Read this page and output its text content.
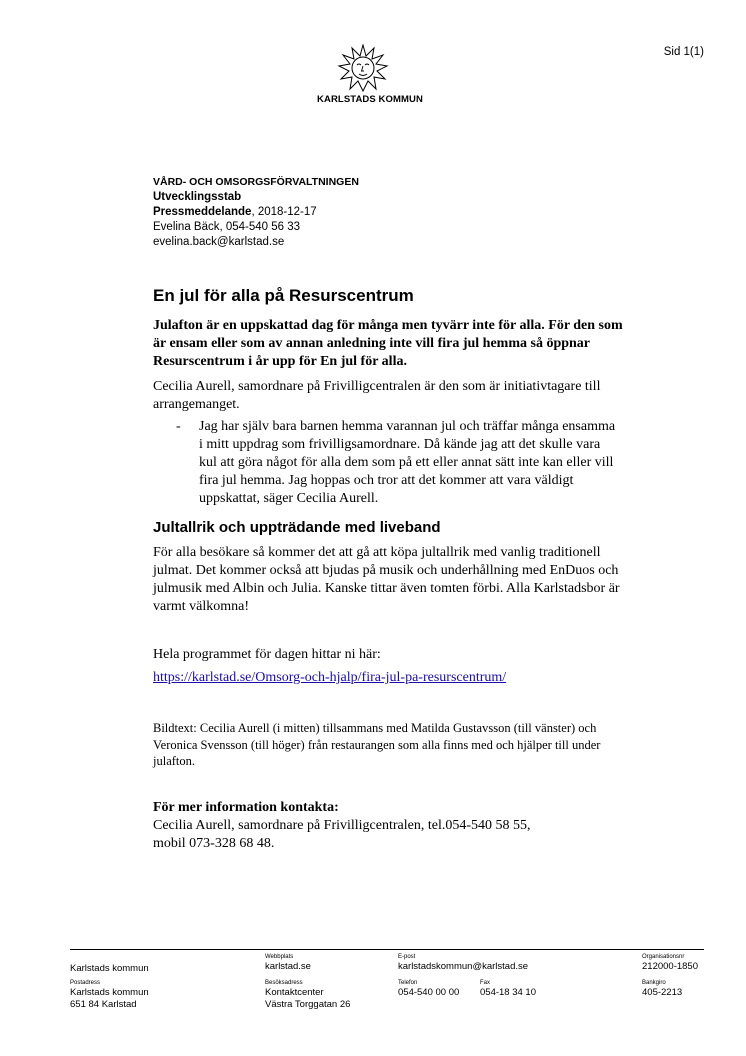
Sid 1(1)
KARLSTADS KOMMUN
VÅRD- OCH OMSORGSFÖRVALTNINGEN
Utvecklingsstab
Pressmeddelande, 2018-12-17
Evelina Bäck, 054-540 56 33
evelina.back@karlstad.se
En jul för alla på Resurscentrum
Julafton är en uppskattad dag för många men tyvärr inte för alla. För den som är ensam eller som av annan anledning inte vill fira jul hemma så öppnar Resurscentrum i år upp för En jul för alla.
Cecilia Aurell, samordnare på Frivilligcentralen är den som är initiativtagare till arrangemanget.
- Jag har själv bara barnen hemma varannan jul och träffar många ensamma i mitt uppdrag som frivilligsamordnare. Då kände jag att det skulle vara kul att göra något för alla dem som på ett eller annat sätt inte kan eller vill fira jul hemma. Jag hoppas och tror att det kommer att vara väldigt uppskattat, säger Cecilia Aurell.
Jultallrik och uppträdande med liveband
För alla besökare så kommer det att gå att köpa jultallrik med vanlig traditionell julmat. Det kommer också att bjudas på musik och underhållning med EnDuos och julmusik med Albin och Julia. Kanske tittar även tomten förbi. Alla Karlstadsbor är varmt välkomna!
Hela programmet för dagen hittar ni här:
https://karlstad.se/Omsorg-och-hjalp/fira-jul-pa-resurscentrum/
Bildtext: Cecilia Aurell (i mitten) tillsammans med Matilda Gustavsson (till vänster) och Veronica Svensson (till höger) från restaurangen som alla finns med och hjälper till under julafton.
För mer information kontakta:
Cecilia Aurell, samordnare på Frivilligcentralen, tel.054-540 58 55,
mobil 073-328 68 48.
Karlstads kommun
Webbplats
karlstad.se
E-post
karlstadskommun@karlstad.se
Organisationsnr
212000-1850
Postadress
Karlstads kommun
651 84 Karlstad
Besöksadress
Kontaktcenter
Västra Torggatan 26
Telefon
054-540 00 00
Fax
054-18 34 10
Bankgiro
405-2213
